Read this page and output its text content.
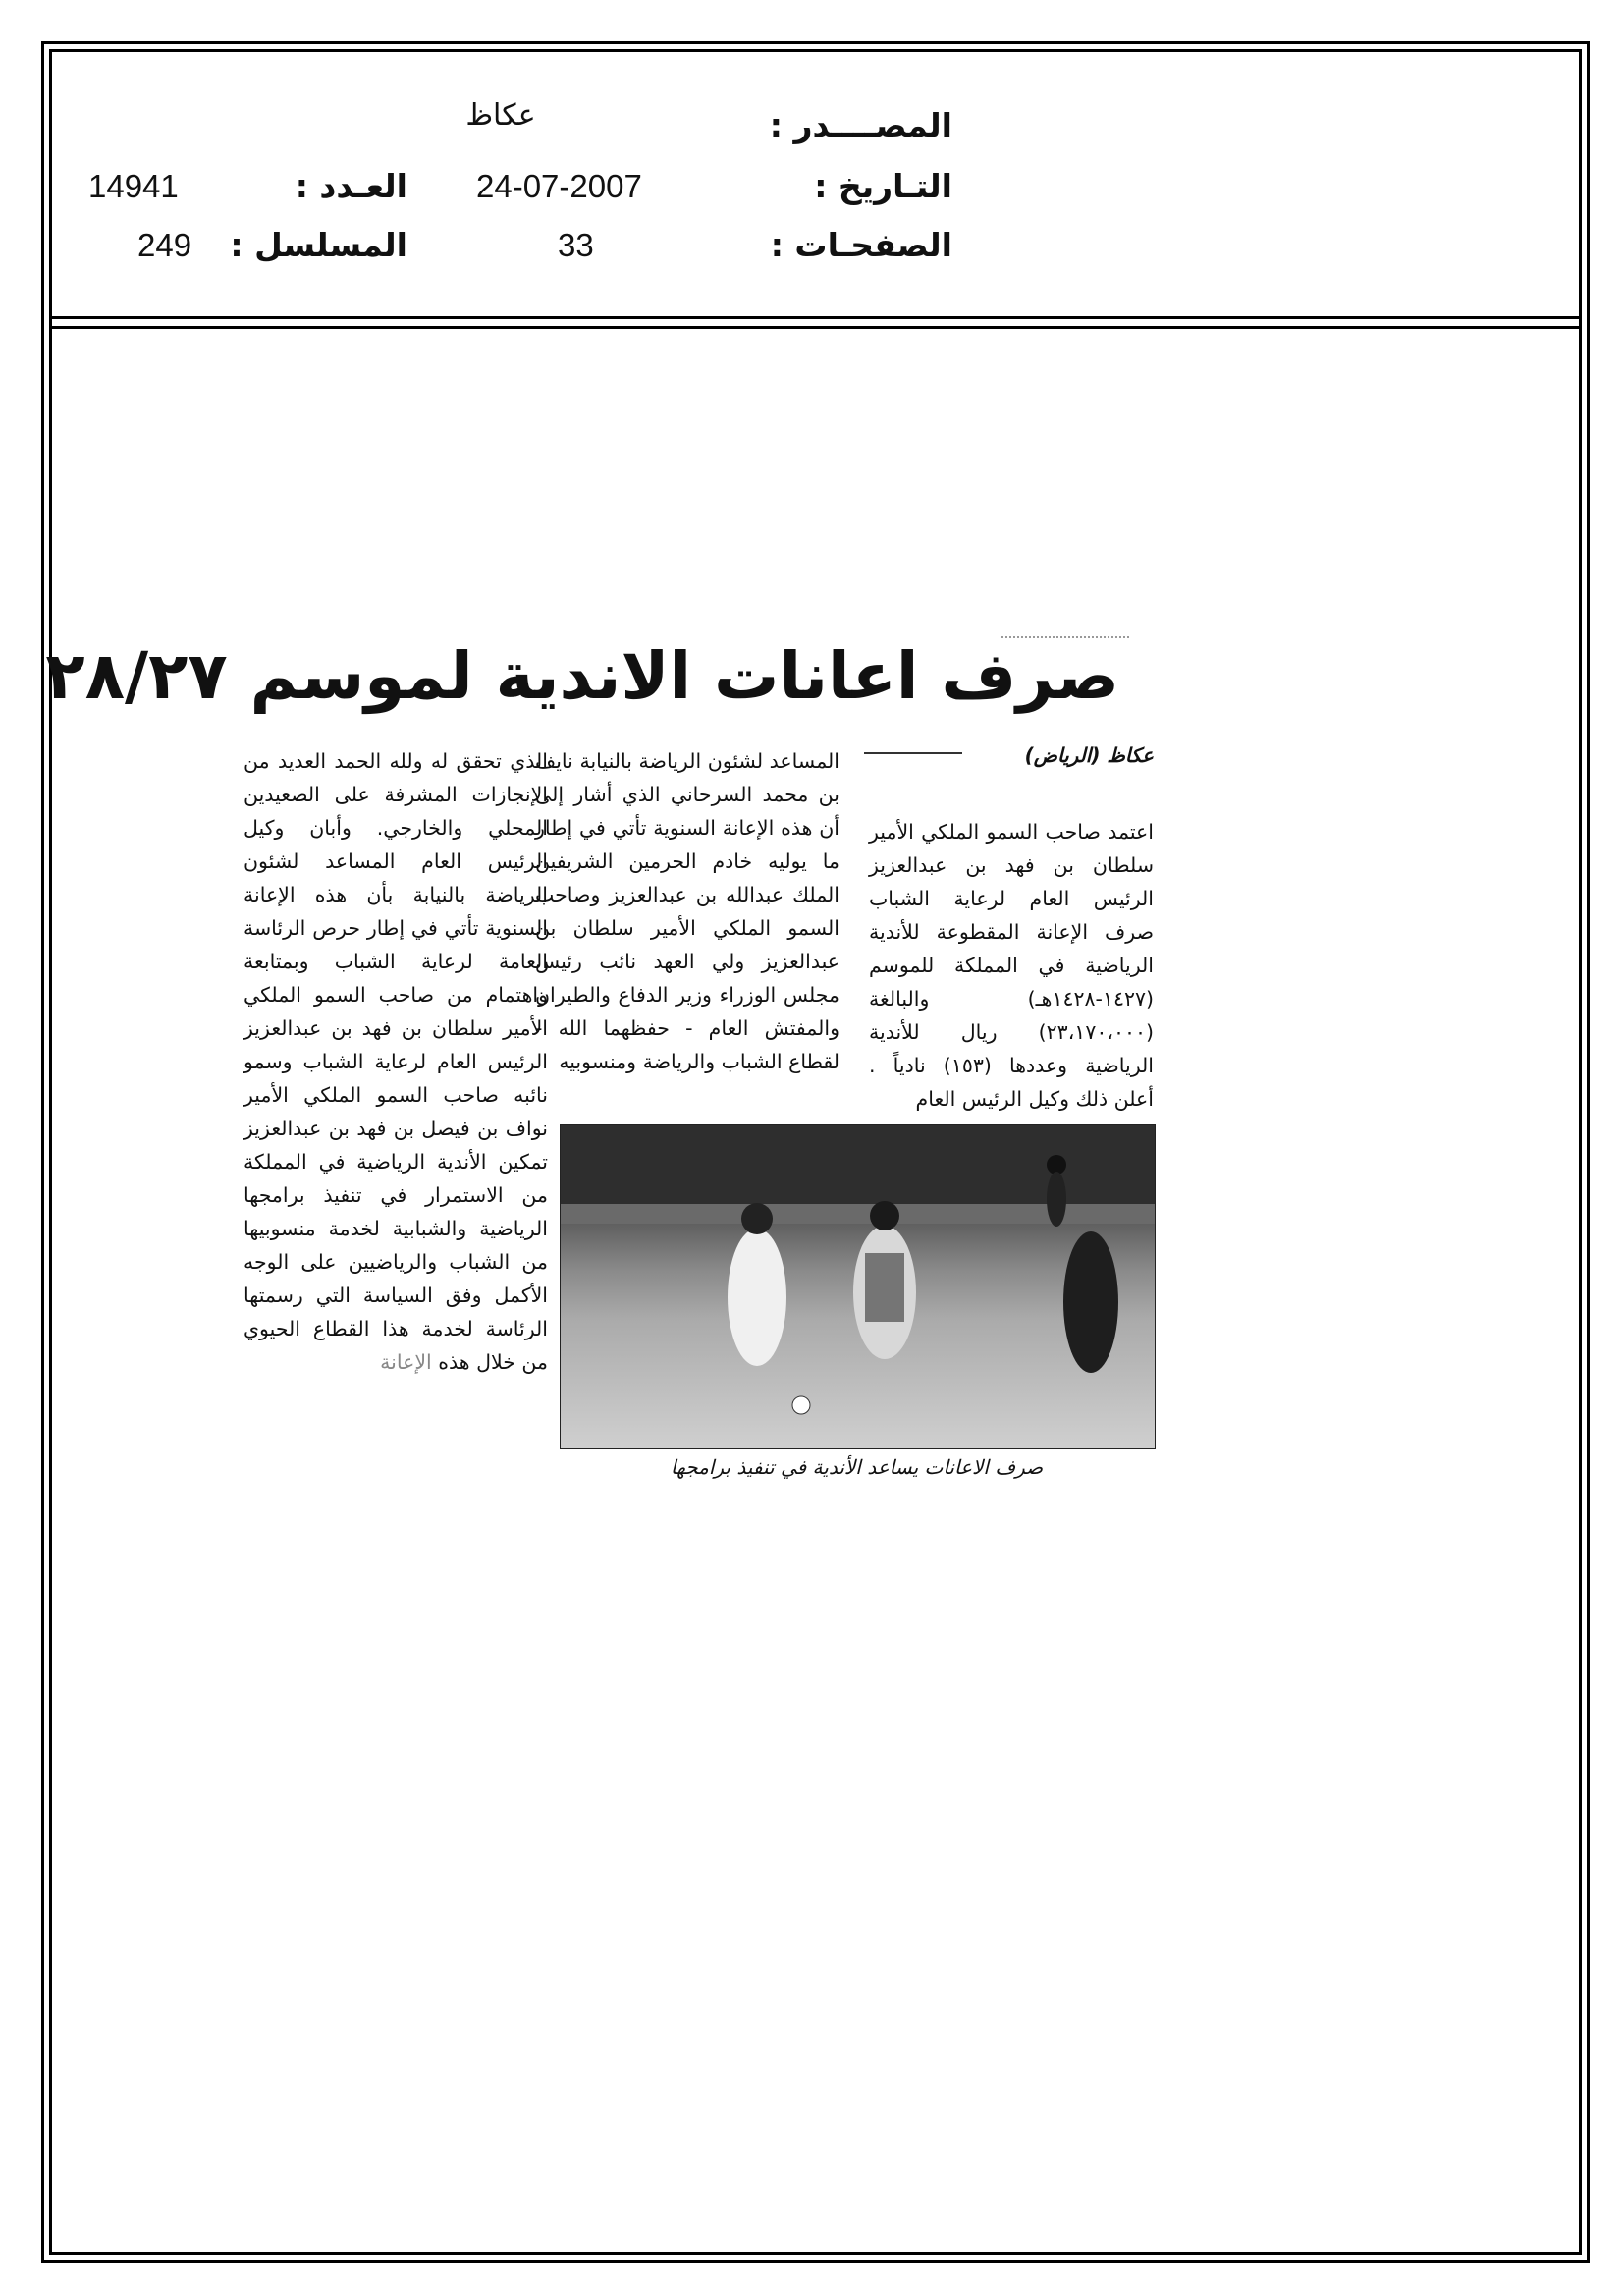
المصــــدر :
عكاظ
التـاريخ :
24-07-2007
العـدد :
14941
الصفحـات :
33
المسلسل :
249
صرف اعانات الاندية لموسم ٢٨/٢٧
عكاظ (الرياض)
اعتمد صاحب السمو الملكي الأمير سلطان بن فهد بن عبدالعزيز الرئيس العام لرعاية الشباب صرف الإعانة المقطوعة للأندية الرياضية في المملكة للموسم (١٤٢٧-١٤٢٨هـ) والبالغة (٢٣،١٧٠،٠٠٠) ريال للأندية الرياضية وعددها (١٥٣) نادياً . أعلن ذلك وكيل الرئيس العام
المساعد لشئون الرياضة بالنيابة نايف بن محمد السرحاني الذي أشار إلى أن هذه الإعانة السنوية تأتي في إطار ما يوليه خادم الحرمين الشريفين الملك عبدالله بن عبدالعزيز وصاحب السمو الملكي الأمير سلطان بن عبدالعزيز ولي العهد نائب رئيس مجلس الوزراء وزير الدفاع والطيران والمفتش العام - حفظهما الله - لقطاع الشباب والرياضة ومنسوبيه
الذي تحقق له ولله الحمد العديد من الإنجازات المشرفة على الصعيدين المحلي والخارجي. وأبان وكيل الرئيس العام المساعد لشئون الرياضة بالنيابة بأن هذه الإعانة السنوية تأتي في إطار حرص الرئاسة العامة لرعاية الشباب وبمتابعة واهتمام من صاحب السمو الملكي الأمير سلطان بن فهد بن عبدالعزيز الرئيس العام لرعاية الشباب وسمو نائبه صاحب السمو الملكي الأمير نواف بن فيصل بن فهد بن عبدالعزيز تمكين الأندية الرياضية في المملكة من الاستمرار في تنفيذ برامجها الرياضية والشبابية لخدمة منسوبيها من الشباب والرياضيين على الوجه الأكمل وفق السياسة التي رسمتها الرئاسة لخدمة هذا القطاع الحيوي من خلال هذه الإعانة
صرف الاعانات يساعد الأندية في تنفيذ برامجها
